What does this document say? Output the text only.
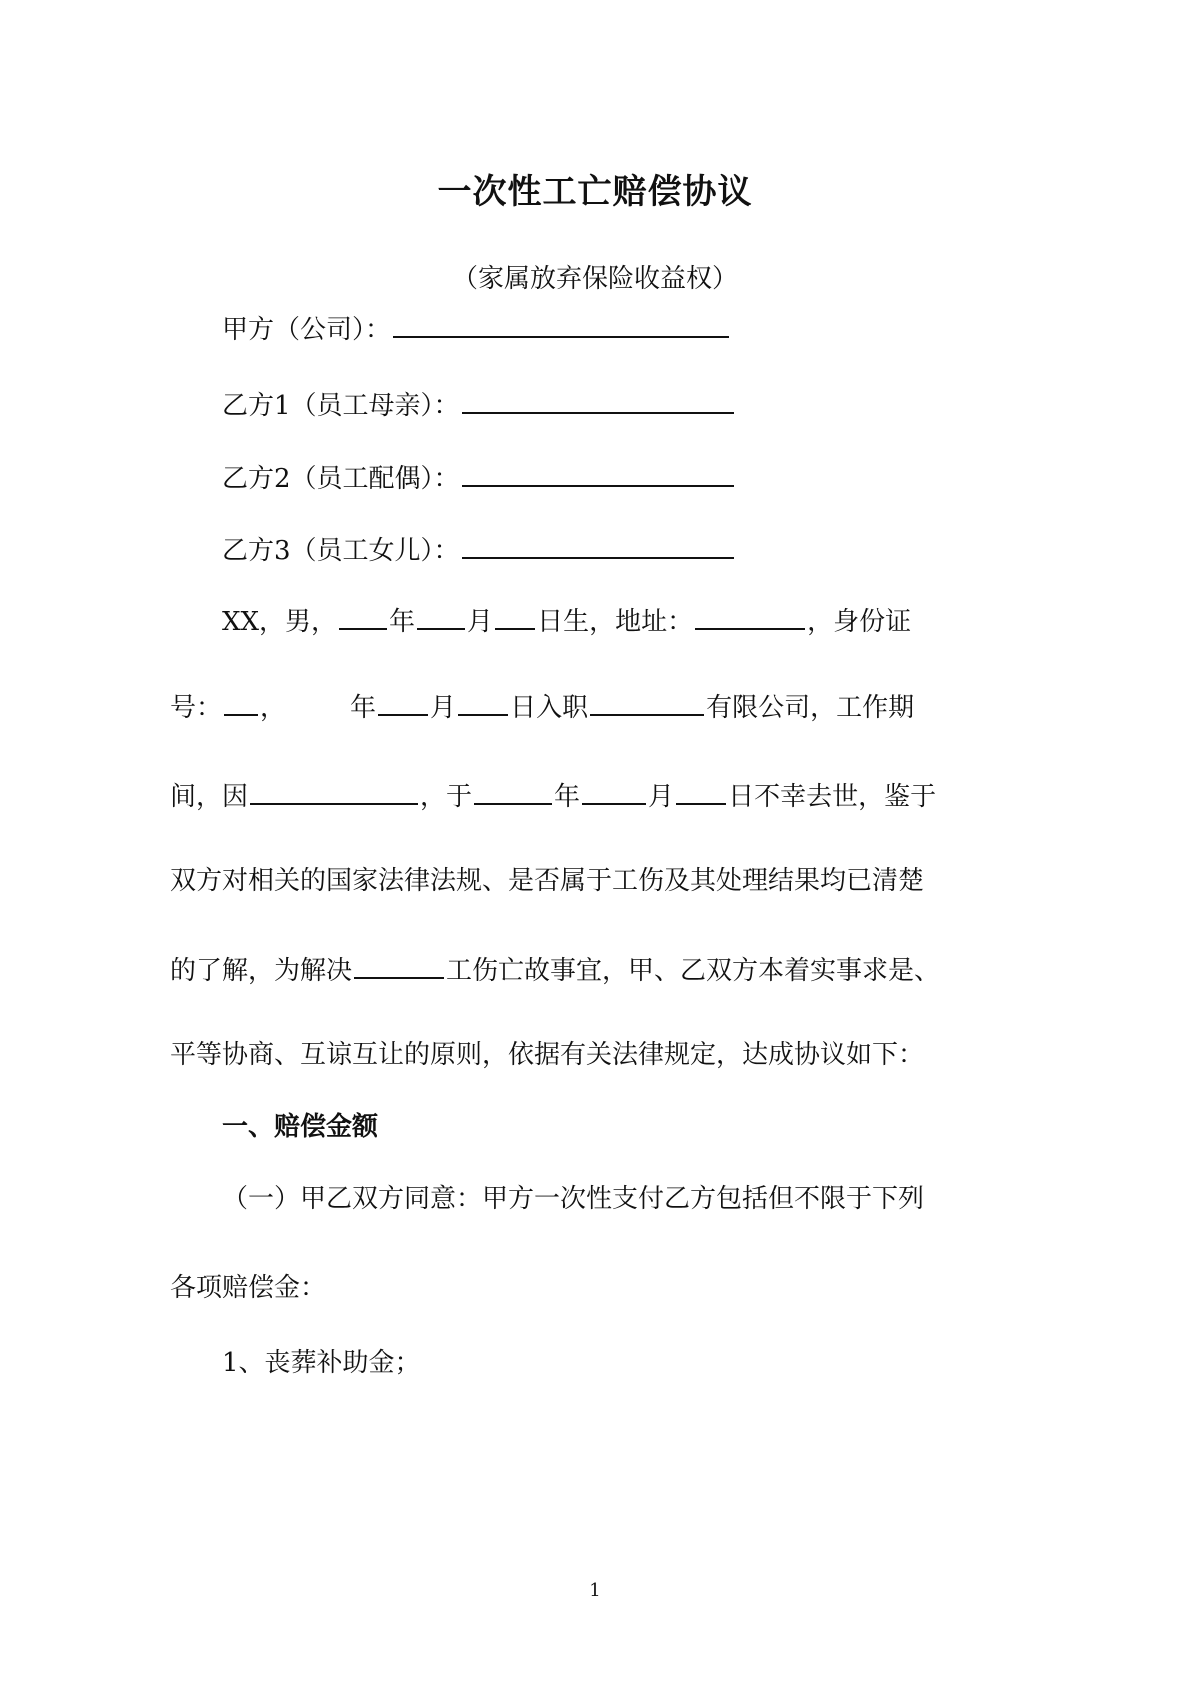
一次性工亡赔偿协议
（家属放弃保险收益权）
甲方（公司）：
乙方1（员工母亲）：
乙方2（员工配偶）：
乙方3（员工女儿）：
XX，男， 年 月 日生，地址：	，身份证
号： ， 年 月 日入职	有限公司，工作期
间，因	，于	年	月 日不幸去世，鉴于
双方对相关的国家法律法规、是否属于工伤及其处理结果均已清楚
的了解，为解决	工伤亡故事宜，甲、乙双方本着实事求是、
平等协商、互谅互让的原则，依据有关法律规定，达成协议如下：
一、赔偿金额
（一）甲乙双方同意：甲方一次性支付乙方包括但不限于下列
各项赔偿金：
1、丧葬补助金；
1
